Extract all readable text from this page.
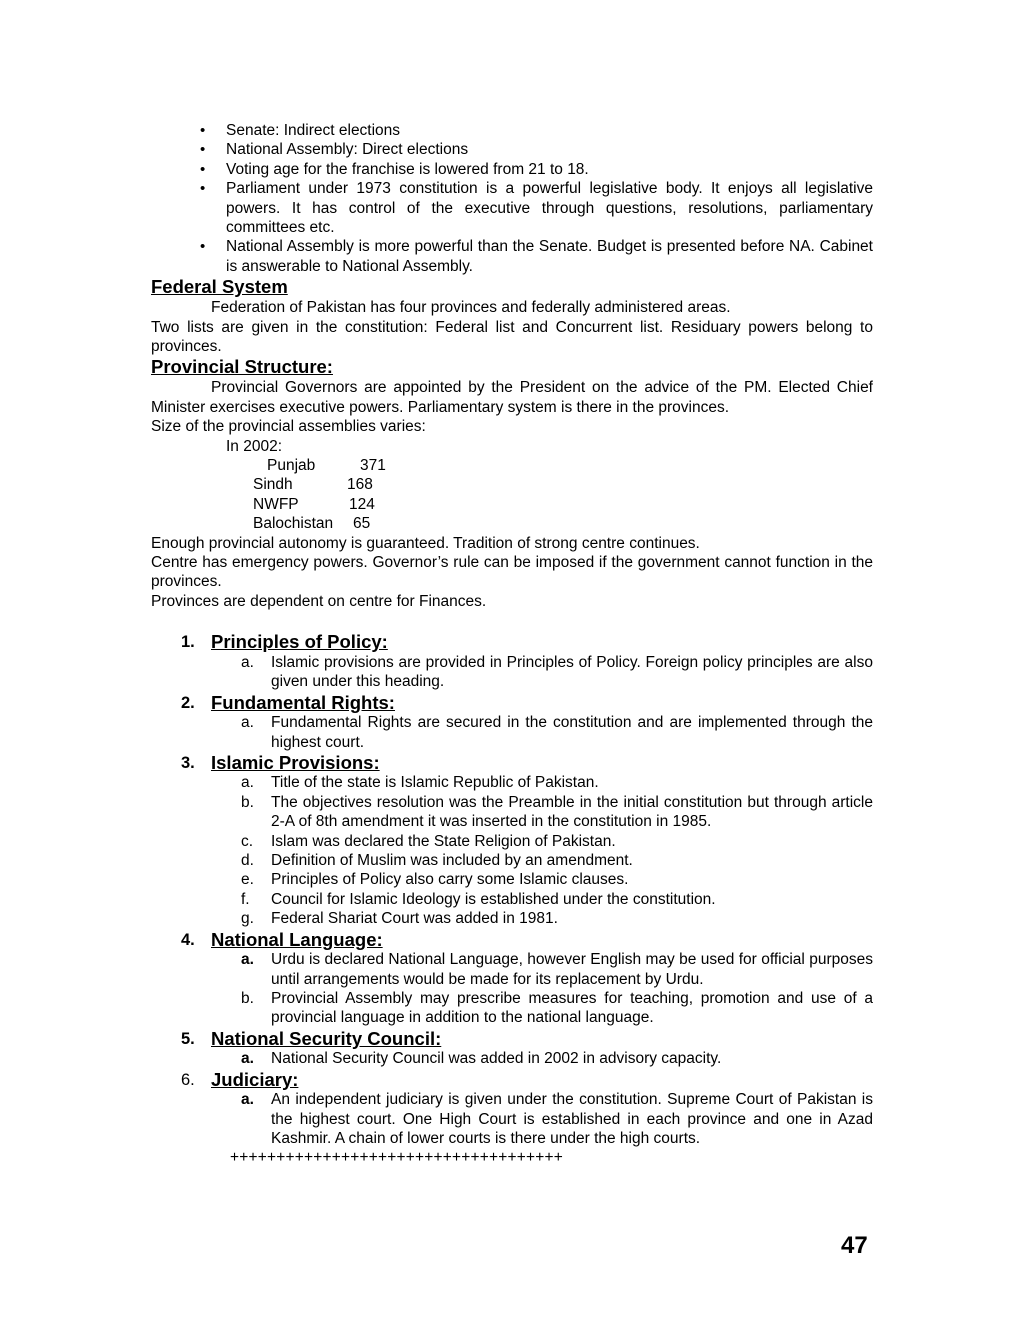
• Senate: Indirect elections
• National Assembly: Direct elections
• Voting age for the franchise is lowered from 21 to 18.
• Parliament under 1973 constitution is a powerful legislative body. It enjoys all legislative powers. It has control of the executive through questions, resolutions, parliamentary committees etc.
• National Assembly is more powerful than the Senate. Budget is presented before NA. Cabinet is answerable to National Assembly.
Federal System

Federation of Pakistan has four provinces and federally administered areas.

Two lists are given in the constitution: Federal list and Concurrent list. Residuary powers belong to provinces.

Provincial Structure:

Provincial Governors are appointed by the President on the advice of the PM. Elected Chief Minister exercises executive powers. Parliamentary system is there in the provinces.

Size of the provincial assemblies varies:

In 2002:
Punjab	371
Sindh	168
NWFP	124
Balochistan 65

Enough provincial autonomy is guaranteed. Tradition of strong centre continues.

Centre has emergency powers. Governor’s rule can be imposed if the government cannot function in the provinces.

Provinces are dependent on centre for Finances.

1. Principles of Policy:
a. Islamic provisions are provided in Principles of Policy. Foreign policy principles are also given under this heading.
2. Fundamental Rights:
a. Fundamental Rights are secured in the constitution and are implemented through the highest court.
3. Islamic Provisions:
a. Title of the state is Islamic Republic of Pakistan.
b. The objectives resolution was the Preamble in the initial constitution but through article 2-A of 8th amendment it was inserted in the constitution in 1985.
c. Islam was declared the State Religion of Pakistan.
d. Definition of Muslim was included by an amendment.
e. Principles of Policy also carry some Islamic clauses.
f. Council for Islamic Ideology is established under the constitution.
g. Federal Shariat Court was added in 1981.
4. National Language:
a. Urdu is declared National Language, however English may be used for official purposes until arrangements would be made for its replacement by Urdu.
b. Provincial Assembly may prescribe measures for teaching, promotion and use of a provincial language in addition to the national language.
5. National Security Council:
a. National Security Council was added in 2002 in advisory capacity.
6. Judiciary:
a. An independent judiciary is given under the constitution. Supreme Court of Pakistan is the highest court. One High Court is established in each province and one in Azad Kashmir. A chain of lower courts is there under the high courts.
++++++++++++++++++++++++++++++++++++
47
